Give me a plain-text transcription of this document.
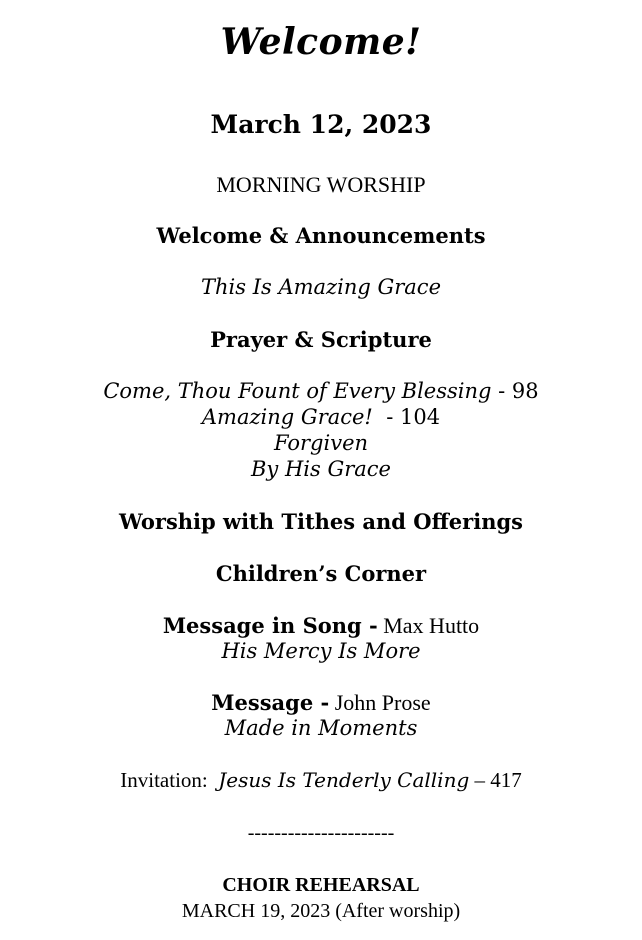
Welcome!
March 12, 2023
MORNING WORSHIP
Welcome & Announcements
This Is Amazing Grace
Prayer & Scripture
Come, Thou Fount of Every Blessing - 98
Amazing Grace!  - 104
Forgiven
By His Grace
Worship with Tithes and Offerings
Children’s Corner
Message in Song - Max Hutto
His Mercy Is More
Message - John Prose
Made in Moments
Invitation:  Jesus Is Tenderly Calling – 417
----------------------
CHOIR REHEARSAL
MARCH 19, 2023 (After worship)
